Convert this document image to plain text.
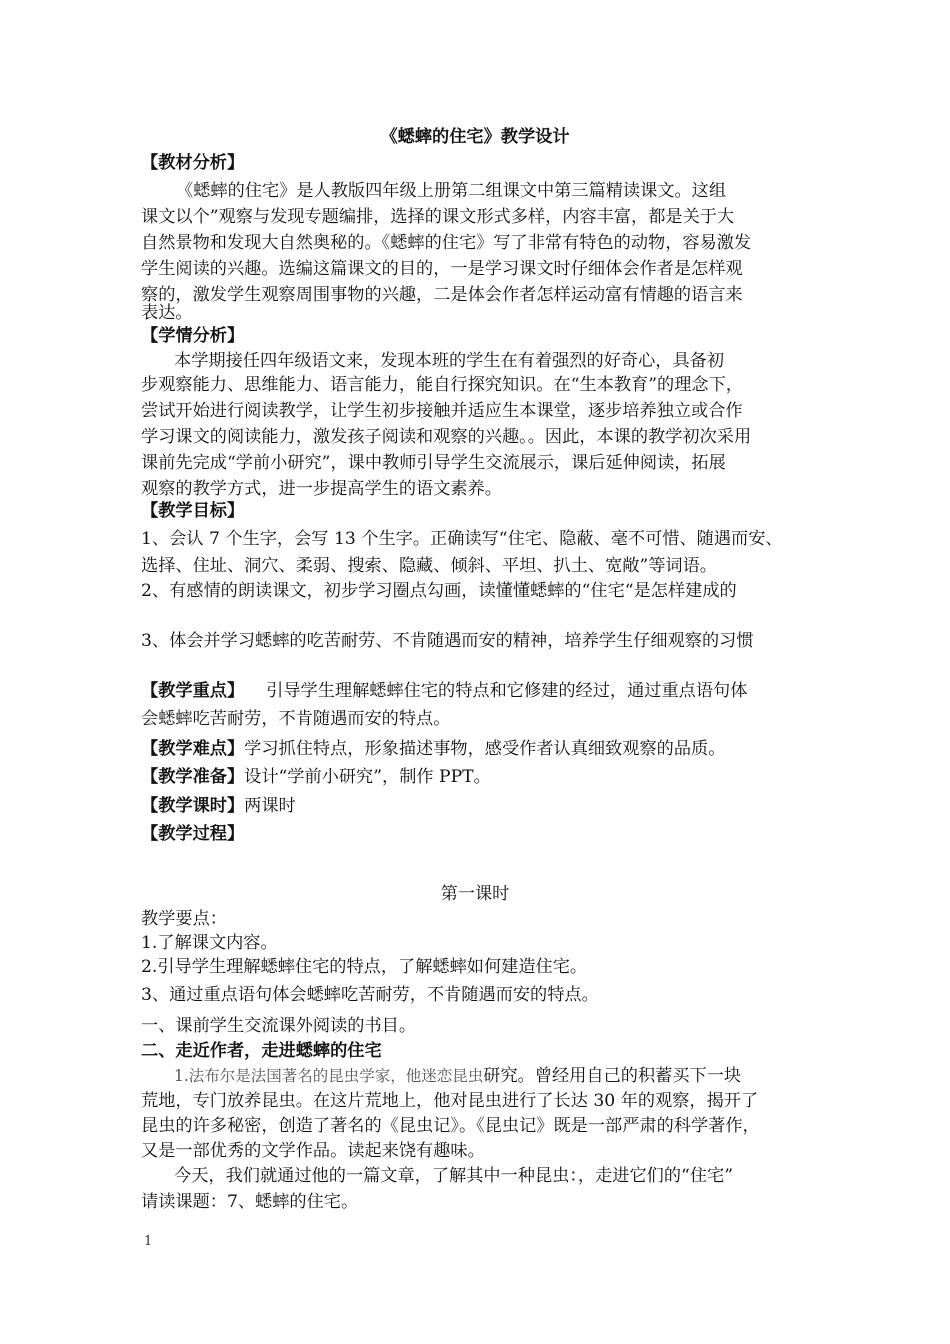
《蟋蟀的住宅》教学设计
【教材分析】
《蟋蟀的住宅》是人教版四年级上册第二组课文中第三篇精读课文。这组
课文以个”观察与发现专题编排，选择的课文形式多样，内容丰富，都是关于大
自然景物和发现大自然奥秘的。《蟋蟀的住宅》写了非常有特色的动物，容易激发
学生阅读的兴趣。选编这篇课文的目的，一是学习课文时仔细体会作者是怎样观
察的，激发学生观察周围事物的兴趣，二是体会作者怎样运动富有情趣的语言来
表达。
【学情分析】
本学期接任四年级语文来，发现本班的学生在有着强烈的好奇心，具备初
步观察能力、思维能力、语言能力，能自行探究知识。在“生本教育”的理念下，
尝试开始进行阅读教学，让学生初步接触并适应生本课堂，逐步培养独立或合作
学习课文的阅读能力，激发孩子阅读和观察的兴趣。。因此，本课的教学初次采用
课前先完成“学前小研究”，课中教师引导学生交流展示，课后延伸阅读，拓展
观察的教学方式，进一步提高学生的语文素养。
【教学目标】
1、会认 7 个生字，会写 13 个生字。正确读写“住宅、隐蔽、毫不可惜、随遇而安、
选择、住址、洞穴、柔弱、搜索、隐藏、倾斜、平坦、扒土、宽敞”等词语。
2、有感情的朗读课文，初步学习圈点勾画，读懂懂蟋蟀的“住宅“是怎样建成的
3、体会并学习蟋蟀的吃苦耐劳、不肯随遇而安的精神，培养学生仔细观察的习惯
【教学重点】 引导学生理解蟋蟀住宅的特点和它修建的经过，通过重点语句体
会蟋蟀吃苦耐劳，不肯随遇而安的特点。
【教学难点】学习抓住特点，形象描述事物，感受作者认真细致观察的品质。
【教学准备】设计“学前小研究”，制作 PPT。
【教学课时】两课时
【教学过程】
第一课时
教学要点：
1.了解课文内容。
2.引导学生理解蟋蟀住宅的特点，了解蟋蟀如何建造住宅。
3、通过重点语句体会蟋蟀吃苦耐劳，不肯随遇而安的特点。
一、课前学生交流课外阅读的书目。
二、走近作者，走进蟋蟀的住宅
1.法布尔是法国著名的昆虫学家，他迷恋昆虫研究。曾经用自己的积蓄买下一块
荒地，专门放养昆虫。在这片荒地上，他对昆虫进行了长达 30 年的观察，揭开了
昆虫的许多秘密，创造了著名的《昆虫记》。《昆虫记》既是一部严肃的科学著作，
又是一部优秀的文学作品。读起来饶有趣味。
今天，我们就通过他的一篇文章，了解其中一种昆虫：，走进它们的“住宅”
请读课题：7、蟋蟀的住宅。
1
